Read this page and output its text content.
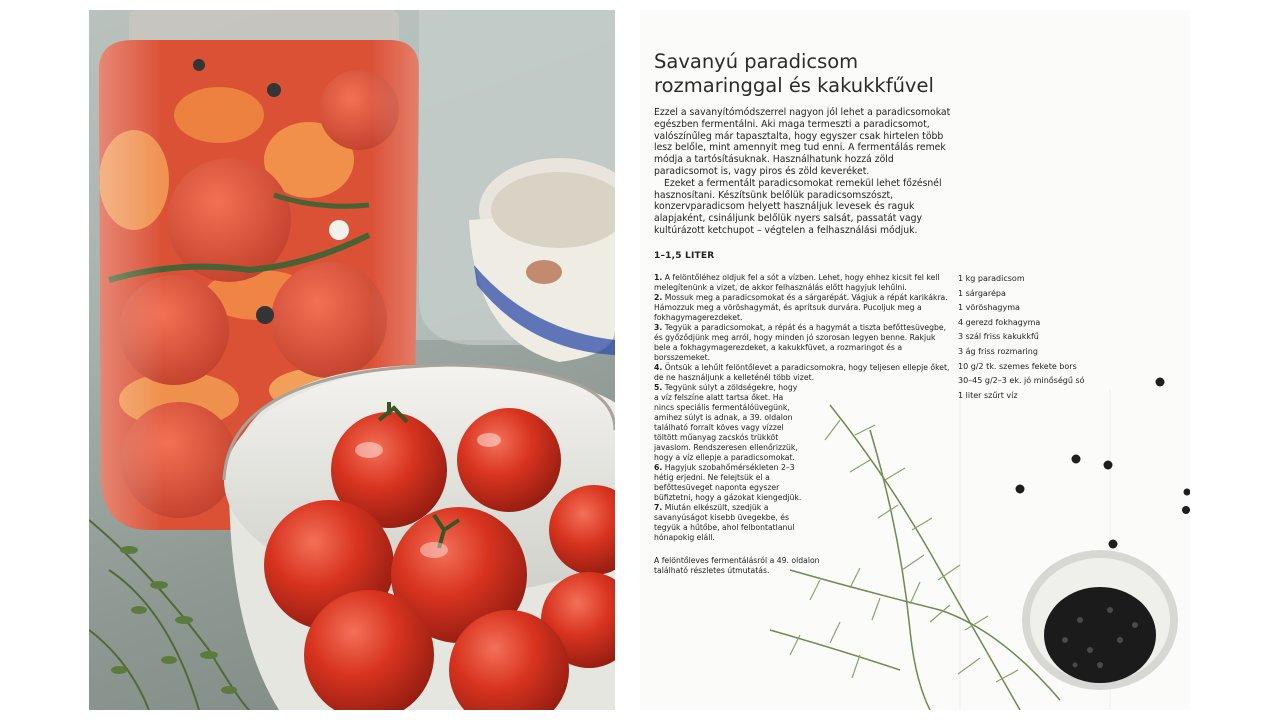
Savanyú paradicsom
rozmaringgal és kakukkfűvel

Ezzel a savanyítómódszerrel nagyon jól lehet a paradicsomokat egészben fermentálni. Aki maga termeszti a paradicsomot, valószínűleg már tapasztalta, hogy egyszer csak hirtelen több lesz belőle, mint amennyit meg tud enni. A fermentálás remek módja a tartósításuknak. Használhatunk hozzá zöld paradicsomot is, vagy piros és zöld keveréket.

Ezeket a fermentált paradicsomokat remekül lehet főzésnél hasznosítani. Készítsünk belőlük paradicsomszószt, konzervparadicsom helyett használjuk levesek és raguk alapjaként, csináljunk belőlük nyers salsát, passatát vagy kultúrázott ketchupot – végtelen a felhasználási módjuk.

1–1,5 LITER

1. A felöntőléhez oldjuk fel a sót a vízben. Lehet, hogy ehhez kicsit fel kell melegítenünk a vizet, de akkor felhasználás előtt hagyjuk lehűlni.

2. Mossuk meg a paradicsomokat és a sárgarépát. Vágjuk a répát karikákra. Hámozzuk meg a vöröshagymát, és aprítsuk durvára. Pucoljuk meg a fokhagymagerezdeket.

3. Tegyük a paradicsomokat, a répát és a hagymát a tiszta befőttesüvegbe, és győződjünk meg arról, hogy minden jó szorosan legyen benne. Rakjuk bele a fokhagymagerezdeket, a kakukkfüvet, a rozmaringot és a borsszemeket.

4. Öntsük a lehűlt felöntőlevet a paradicsomokra, hogy teljesen ellepje őket, de ne használjunk a kelleténél több vizet.

5. Tegyünk súlyt a zöldségekre, hogy a víz felszíne alatt tartsa őket. Ha nincs speciális fermentálóüvegünk, amihez súlyt is adnak, a 39. oldalon található forralt köves vagy vízzel töltött műanyag zacskós trükköt javaslom. Rendszeresen ellenőrizzük, hogy a víz ellepje a paradicsomokat.

6. Hagyjuk szobahőmérsékleten 2–3 hétig erjedni. Ne felejtsük el a befőttesüveget naponta egyszer büfiztetni, hogy a gázokat kiengedjük.

7. Miután elkészült, szedjük a savanyúságot kisebb üvegekbe, és tegyük a hűtőbe, ahol felbontatlanul hónapokig eláll.

A felöntőleves fermentálásról a 49. oldalon található részletes útmutatás.

1 kg paradicsom
1 sárgarépa
1 vöröshagyma
4 gerezd fokhagyma
3 szál friss kakukkfű
3 ág friss rozmaring
10 g/2 tk. szemes fekete bors
30–45 g/2–3 ek. jó minőségű só
1 liter szűrt víz
